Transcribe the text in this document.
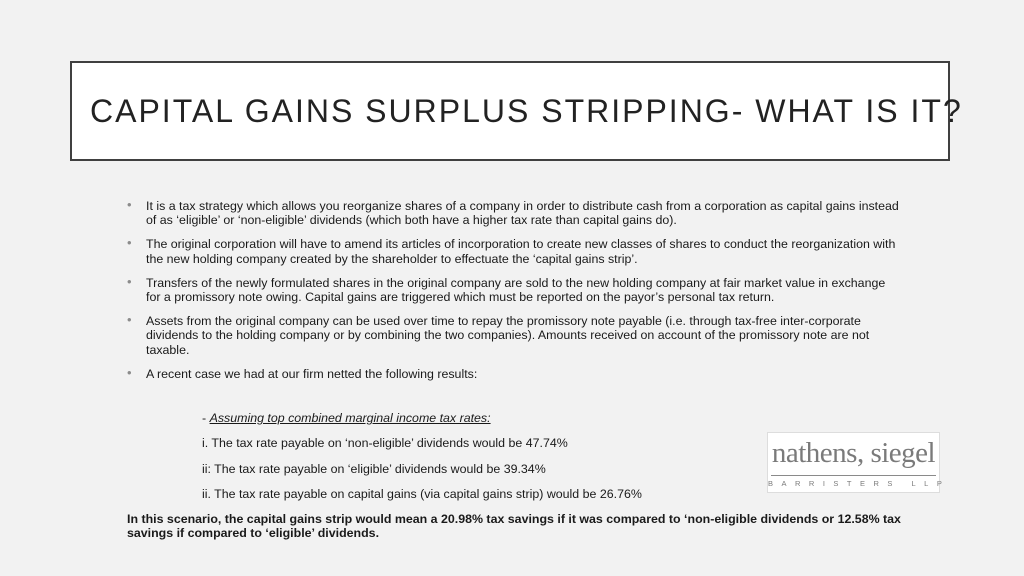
CAPITAL GAINS SURPLUS STRIPPING- WHAT IS IT?
• It is a tax strategy which allows you reorganize shares of a company in order to distribute cash from a corporation as capital gains instead of as ‘eligible’ or ‘non-eligible’ dividends (which both have a higher tax rate than capital gains do).
• The original corporation will have to amend its articles of incorporation to create new classes of shares to conduct the reorganization with the new holding company created by the shareholder to effectuate the ‘capital gains strip’.
• Transfers of the newly formulated shares in the original company are sold to the new holding company at fair market value in exchange for a promissory note owing. Capital gains are triggered which must be reported on the payor’s personal tax return.
• Assets from the original company can be used over time to repay the promissory note payable (i.e. through tax-free inter-corporate dividends to the holding company or by combining the two companies). Amounts received on account of the promissory note are not taxable.
• A recent case we had at our firm netted the following results:
- Assuming top combined marginal income tax rates:
i. The tax rate payable on ‘non-eligible’ dividends would be 47.74%
ii: The tax rate payable on ‘eligible’ dividends would be 39.34%
ii. The tax rate payable on capital gains (via capital gains strip) would be 26.76%
In this scenario, the capital gains strip would mean a 20.98% tax savings if it was compared to ‘non-eligible dividends or 12.58% tax savings if compared to ‘eligible’ dividends.
nathens, siegel
BARRISTERS LLP
